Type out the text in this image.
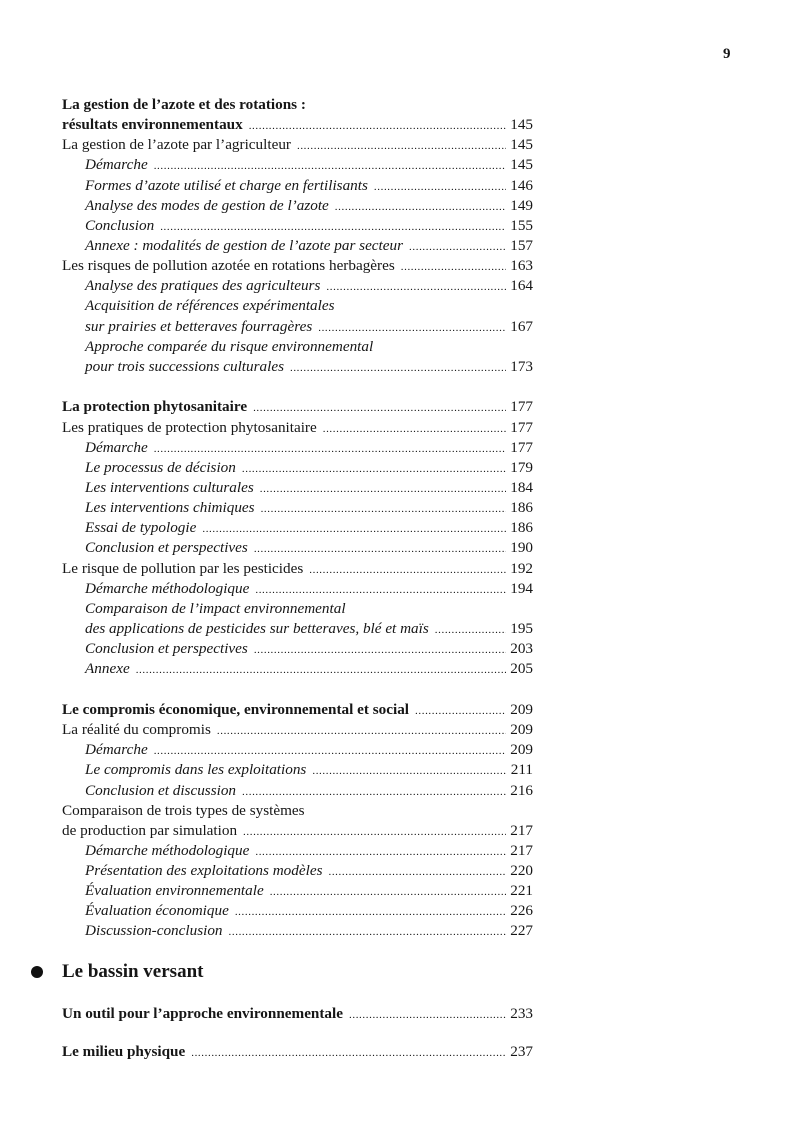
9
La gestion de l’azote et des rotations :
résultats environnementaux .....	145
La gestion de l’azote par l’agriculteur .....	145
Démarche .....	145
Formes d’azote utilisé et charge en fertilisants .....	146
Analyse des modes de gestion de l’azote .....	149
Conclusion .....	155
Annexe : modalités de gestion de l’azote par secteur .....	157
Les risques de pollution azotée en rotations herbagères .....	163
Analyse des pratiques des agriculteurs .....	164
Acquisition de références expérimentales
sur prairies et betteraves fourragères .....	167
Approche comparée du risque environnemental
pour trois successions culturales .....	173
La protection phytosanitaire .....	177
Les pratiques de protection phytosanitaire .....	177
Démarche .....	177
Le processus de décision .....	179
Les interventions culturales .....	184
Les interventions chimiques .....	186
Essai de typologie .....	186
Conclusion et perspectives .....	190
Le risque de pollution par les pesticides .....	192
Démarche méthodologique .....	194
Comparaison de l’impact environnemental
des applications de pesticides sur betteraves, blé et maïs .....	195
Conclusion et perspectives .....	203
Annexe .....	205
Le compromis économique, environnemental et social .....	209
La réalité du compromis .....	209
Démarche .....	209
Le compromis dans les exploitations .....	211
Conclusion et discussion .....	216
Comparaison de trois types de systèmes
de production par simulation .....	217
Démarche méthodologique .....	217
Présentation des exploitations modèles .....	220
Évaluation environnementale .....	221
Évaluation économique .....	226
Discussion-conclusion .....	227
Le bassin versant
Un outil pour l’approche environnementale .....	233
Le milieu physique .....	237
